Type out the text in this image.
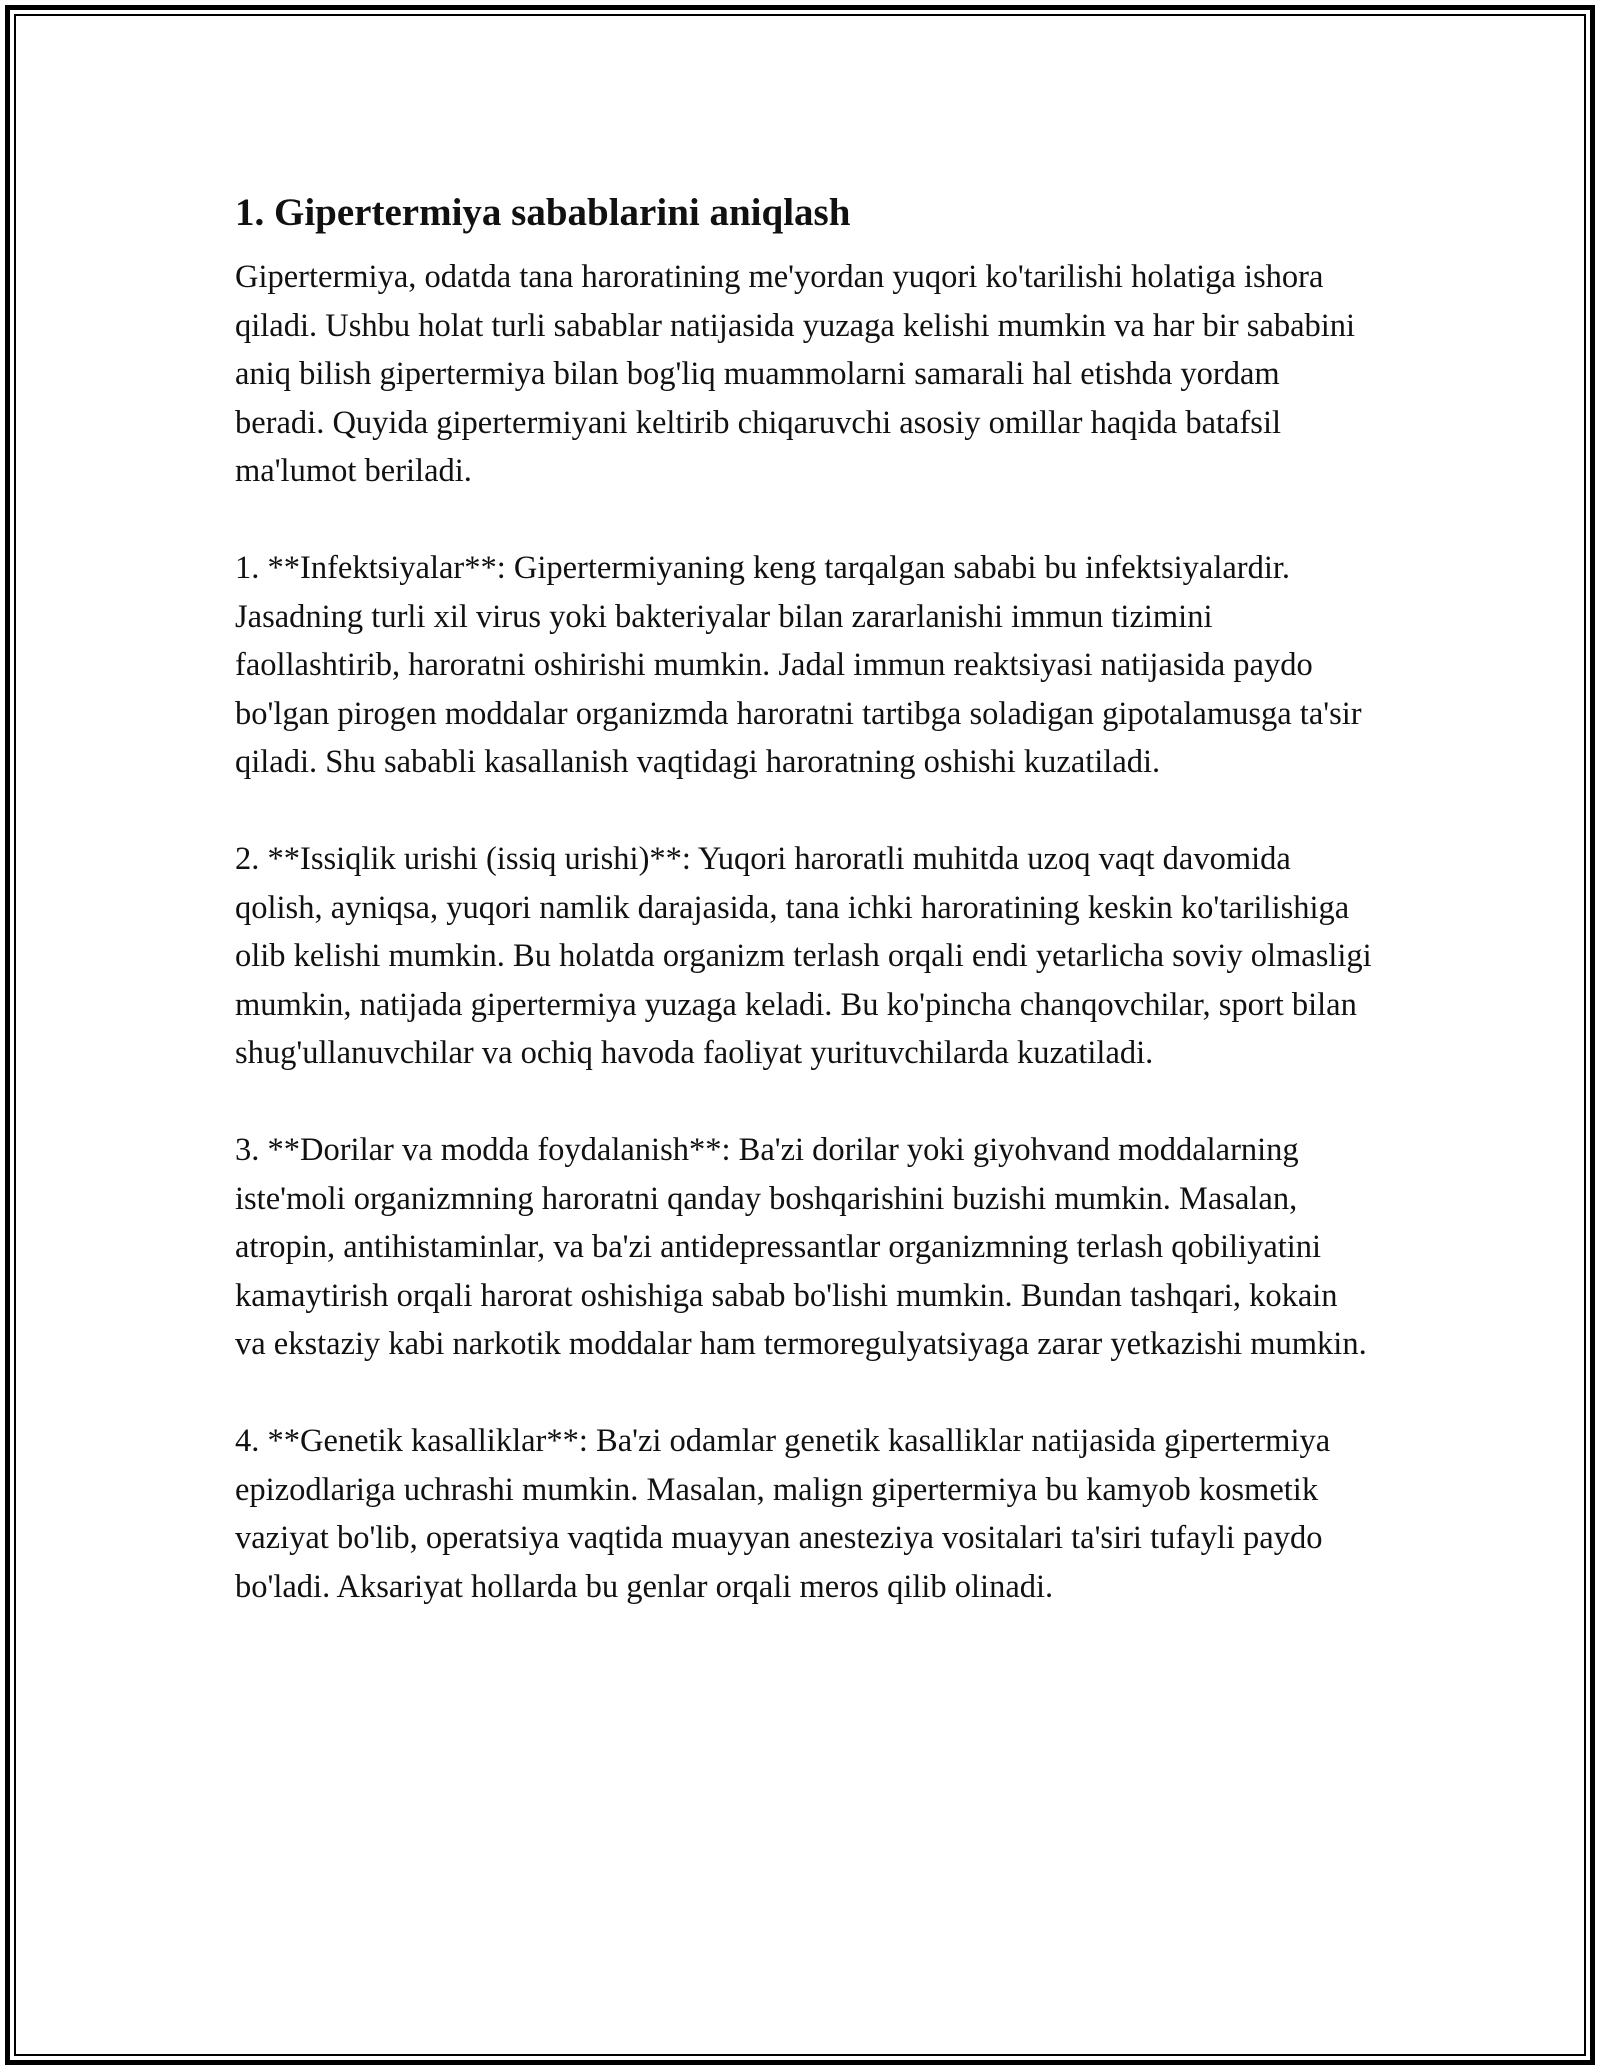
1. Gipertermiya sabablarini aniqlash

Gipertermiya, odatda tana haroratining me'yordan yuqori ko'tarilishi holatiga ishora qiladi. Ushbu holat turli sabablar natijasida yuzaga kelishi mumkin va har bir sababini aniq bilish gipertermiya bilan bog'liq muammolarni samarali hal etishda yordam beradi. Quyida gipertermiyani keltirib chiqaruvchi asosiy omillar haqida batafsil ma'lumot beriladi.

1. **Infektsiyalar**: Gipertermiyaning keng tarqalgan sababi bu infektsiyalardir. Jasadning turli xil virus yoki bakteriyalar bilan zararlanishi immun tizimini faollashtirib, haroratni oshirishi mumkin. Jadal immun reaktsiyasi natijasida paydo bo'lgan pirogen moddalar organizmda haroratni tartibga soladigan gipotalamusga ta'sir qiladi. Shu sababli kasallanish vaqtidagi haroratning oshishi kuzatiladi.

2. **Issiqlik urishi (issiq urishi)**: Yuqori haroratli muhitda uzoq vaqt davomida qolish, ayniqsa, yuqori namlik darajasida, tana ichki haroratining keskin ko'tarilishiga olib kelishi mumkin. Bu holatda organizm terlash orqali endi yetarlicha soviy olmasligi mumkin, natijada gipertermiya yuzaga keladi. Bu ko'pincha chanqovchilar, sport bilan shug'ullanuvchilar va ochiq havoda faoliyat yurituvchilarda kuzatiladi.

3. **Dorilar va modda foydalanish**: Ba'zi dorilar yoki giyohvand moddalarning iste'moli organizmning haroratni qanday boshqarishini buzishi mumkin. Masalan, atropin, antihistaminlar, va ba'zi antidepressantlar organizmning terlash qobiliyatini kamaytirish orqali harorat oshishiga sabab bo'lishi mumkin. Bundan tashqari, kokain va ekstaziy kabi narkotik moddalar ham termoregulyatsiyaga zarar yetkazishi mumkin.

4. **Genetik kasalliklar**: Ba'zi odamlar genetik kasalliklar natijasida gipertermiya epizodlariga uchrashi mumkin. Masalan, malign gipertermiya bu kamyob kosmetik vaziyat bo'lib, operatsiya vaqtida muayyan anesteziya vositalari ta'siri tufayli paydo bo'ladi. Aksariyat hollarda bu genlar orqali meros qilib olinadi.
